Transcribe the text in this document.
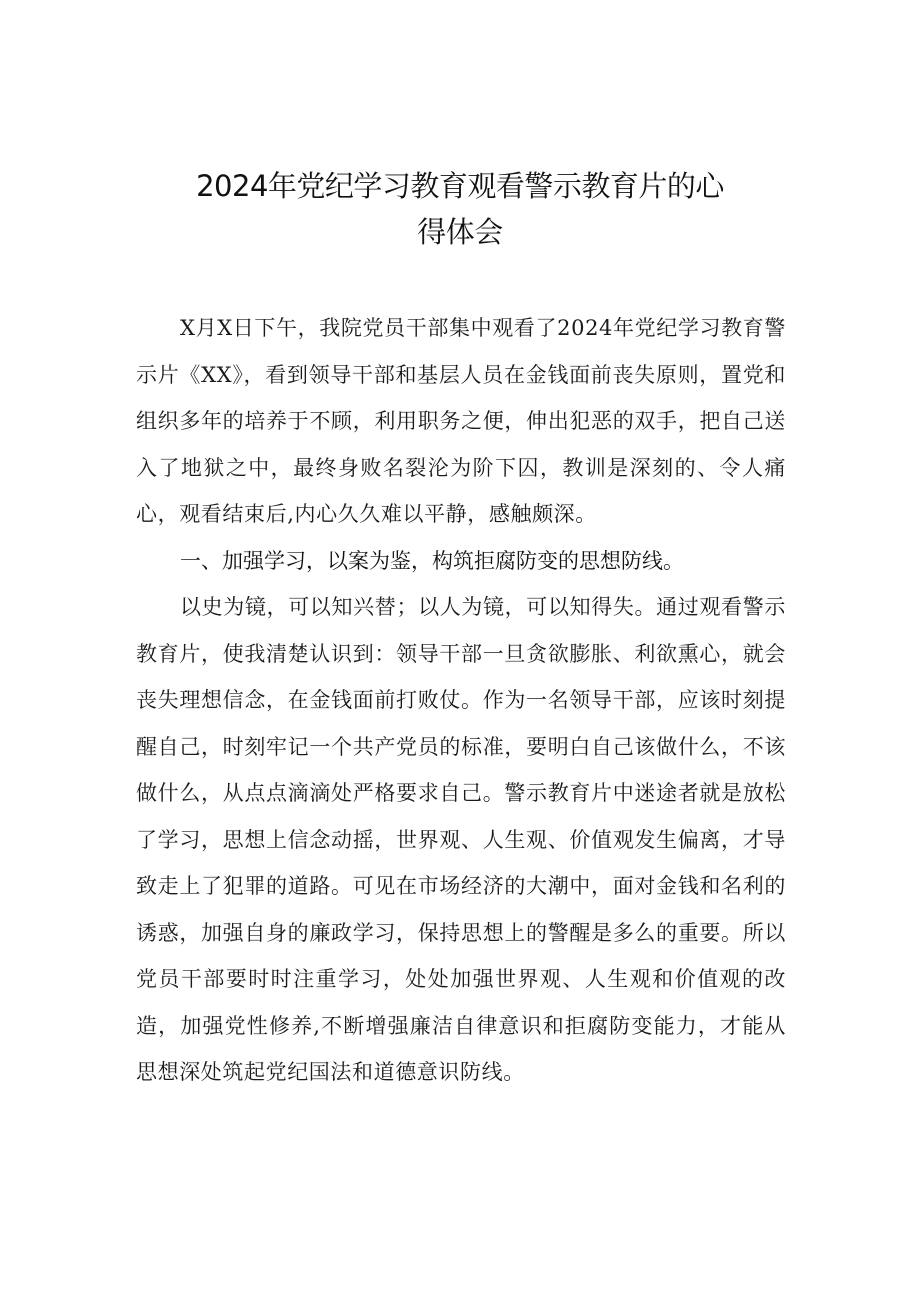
2024年党纪学习教育观看警示教育片的心
得体会

X月X日下午，我院党员干部集中观看了2024年党纪学习教育警示片《XX》，看到领导干部和基层人员在金钱面前丧失原则，置党和组织多年的培养于不顾，利用职务之便，伸出犯恶的双手，把自己送入了地狱之中，最终身败名裂沦为阶下囚，教训是深刻的、令人痛心，观看结束后,内心久久难以平静，感触颇深。

一、加强学习，以案为鉴，构筑拒腐防变的思想防线。

以史为镜，可以知兴替；以人为镜，可以知得失。通过观看警示教育片，使我清楚认识到：领导干部一旦贪欲膨胀、利欲熏心，就会丧失理想信念，在金钱面前打败仗。作为一名领导干部，应该时刻提醒自己，时刻牢记一个共产党员的标准，要明白自己该做什么，不该做什么，从点点滴滴处严格要求自己。警示教育片中迷途者就是放松了学习，思想上信念动摇，世界观、人生观、价值观发生偏离，才导致走上了犯罪的道路。可见在市场经济的大潮中，面对金钱和名利的诱惑，加强自身的廉政学习，保持思想上的警醒是多么的重要。所以党员干部要时时注重学习，处处加强世界观、人生观和价值观的改造，加强党性修养,不断增强廉洁自律意识和拒腐防变能力，才能从思想深处筑起党纪国法和道德意识防线。
